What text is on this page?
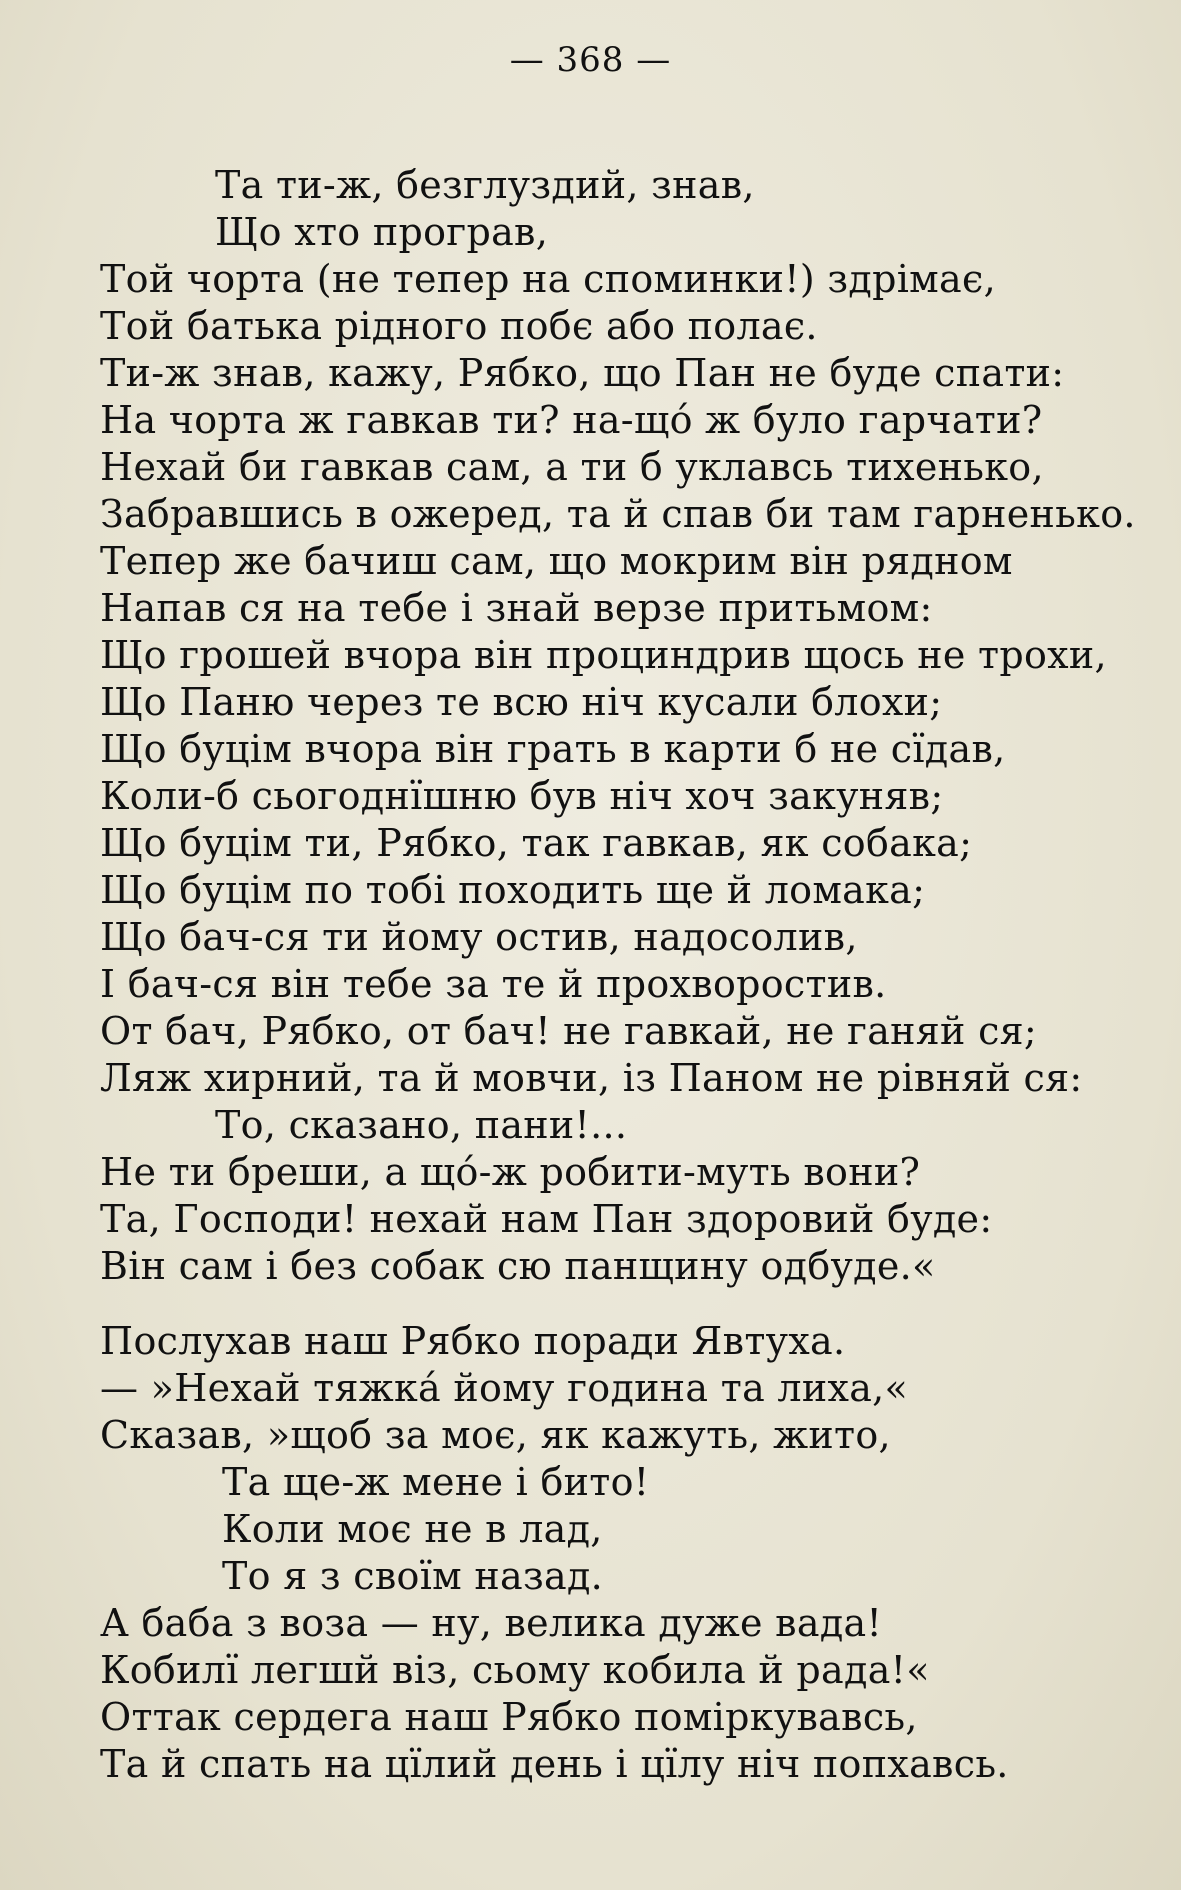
— 368 —
Та ти-ж, безглуздий, знав,
Що хто програв,
Той чорта (не тепер на споминки!) здрімає,
Той батька рідного побє або полає.
Ти-ж знав, кажу, Рябко, що Пан не буде спати:
На чорта ж гавкав ти? на-що́ ж було гарчати?
Нехай би гавкав сам, а ти б уклавсь тихенько,
Забравшись в ожеред, та й спав би там гарненько.
Тепер же бачиш сам, що мокрим він рядном
Напав ся на тебе і знай верзе притьмом:
Що грошей вчора він проциндрив щось не трохи,
Що Паню через те всю ніч кусали блохи;
Що буцім вчора він грать в карти б не сїдав,
Коли-б сьогоднїшню був ніч хоч закуняв;
Що буцім ти, Рябко, так гавкав, як собака;
Що буцім по тобі походить ще й ломака;
Що бач-ся ти йому остив, надосолив,
І бач-ся він тебе за те й прохворостив.
От бач, Рябко, от бач! не гавкай, не ганяй ся;
Ляж хирний, та й мовчи, із Паном не рівняй ся:
То, сказано, пани!...
Не ти бреши, а що́-ж робити-муть вони?
Та, Господи! нехай нам Пан здоровий буде:
Він сам і без собак сю панщину одбуде.«
Послухав наш Рябко поради Явтуха.
— »Нехай тяжка́ йому година та лиха,«
Сказав, »щоб за моє, як кажуть, жито,
Та ще-ж мене і бито!
Коли моє не в лад,
То я з своїм назад.
А баба з воза — ну, велика дуже вада!
Кобилї легшй віз, сьому кобила й рада!«
Оттак сердега наш Рябко поміркувавсь,
Та й спать на цїлий день і цїлу ніч попхавсь.
